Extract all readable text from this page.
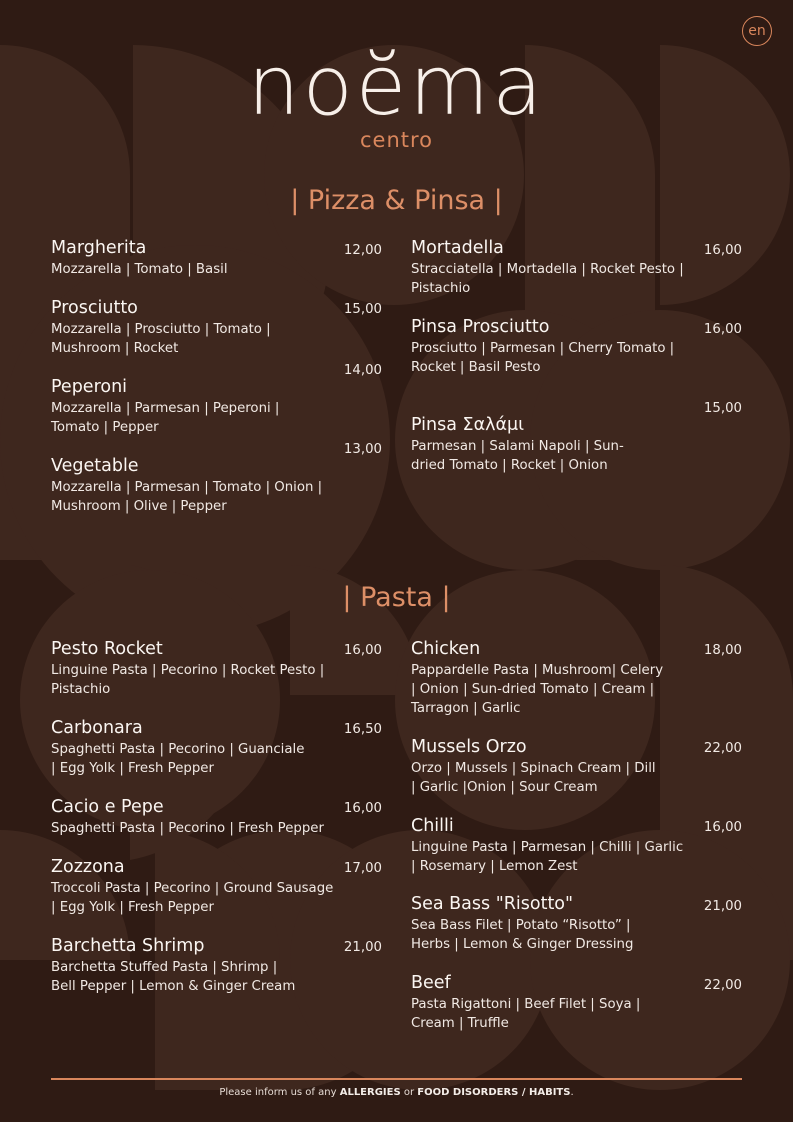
en
noĕma
centro
| Pizza & Pinsa |
Margherita
Mozzarella | Tomato | Basil
12,00
Prosciutto
Mozzarella | Prosciutto | Tomato | Mushroom | Rocket
15,00
Peperoni
Mozzarella | Parmesan | Peperoni | Tomato | Pepper
14,00
Vegetable
Mozzarella | Parmesan | Tomato | Onion | Mushroom | Olive | Pepper
13,00
Mortadella
Stracciatella | Mortadella | Rocket Pesto | Pistachio
16,00
Pinsa Prosciutto
Prosciutto | Parmesan | Cherry Tomato | Rocket | Basil Pesto
16,00
Pinsa Σαλάμι
Parmesan | Salami Napoli | Sun-dried Tomato | Rocket | Onion
15,00
| Pasta |
Pesto Rocket
Linguine Pasta | Pecorino | Rocket Pesto | Pistachio
16,00
Carbonara
Spaghetti Pasta | Pecorino | Guanciale | Egg Yolk | Fresh Pepper
16,50
Cacio e Pepe
Spaghetti Pasta | Pecorino | Fresh Pepper
16,00
Zozzona
Troccoli Pasta | Pecorino | Ground Sausage | Egg Yolk | Fresh Pepper
17,00
Barchetta Shrimp
Barchetta Stuffed Pasta | Shrimp | Bell Pepper | Lemon & Ginger Cream
21,00
Chicken
Pappardelle Pasta | Mushroom| Celery | Onion | Sun-dried Tomato | Cream | Tarragon | Garlic
18,00
Mussels Orzo
Orzo | Mussels | Spinach Cream | Dill | Garlic |Onion | Sour Cream
22,00
Chilli
Linguine Pasta | Parmesan | Chilli | Garlic | Rosemary | Lemon Zest
16,00
Sea Bass "Risotto"
Sea Bass Filet | Potato “Risotto” | Herbs | Lemon & Ginger Dressing
21,00
Beef
Pasta Rigattoni | Beef Filet | Soya | Cream | Truffle
22,00
Please inform us of any ALLERGIES or FOOD DISORDERS / HABITS.
